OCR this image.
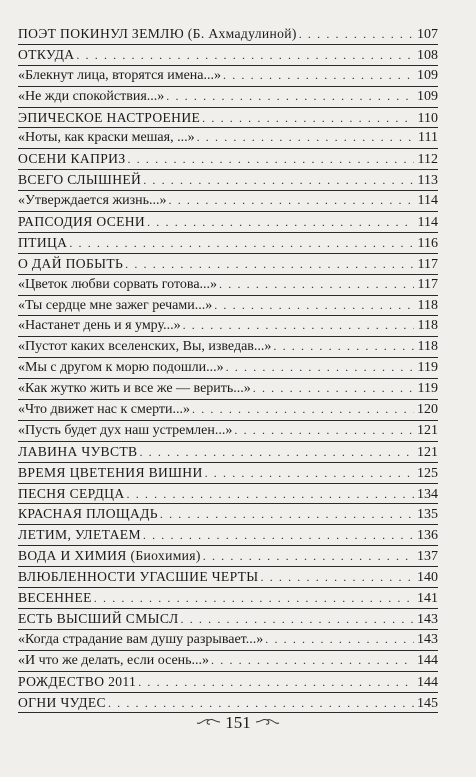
ПОЭТ ПОКИНУЛ ЗЕМЛЮ (Б. Ахмадулиной) . . .	107
ОТКУДА . . .	108
«Блекнут лица, вторятся имена...» . . .	109
«Не жди спокойствия...» . . .	109
ЭПИЧЕСКОЕ НАСТРОЕНИЕ . . .	110
«Ноты, как краски мешая, ...» . . .	111
ОСЕНИ КАПРИЗ . . .	112
ВСЕГО СЛЫШНЕЙ . . .	113
«Утверждается жизнь...» . . .	114
РАПСОДИЯ ОСЕНИ . . .	114
ПТИЦА . . .	116
О ДАЙ ПОБЫТЬ . . .	117
«Цветок любви сорвать готова...» . . .	117
«Ты сердце мне зажег речами...» . . .	118
«Настанет день и я умру...» . . .	118
«Пустот каких вселенских, Вы, изведав...» . . .	118
«Мы с другом к морю подошли...» . . .	119
«Как жутко жить и все же — верить...» . . .	119
«Что движет нас к смерти...» . . .	120
«Пусть будет дух наш устремлен...» . . .	121
ЛАВИНА ЧУВСТВ . . .	121
ВРЕМЯ ЦВЕТЕНИЯ ВИШНИ . . .	125
ПЕСНЯ СЕРДЦА . . .	134
КРАСНАЯ ПЛОЩАДЬ . . .	135
ЛЕТИМ, УЛЕТАЕМ . . .	136
ВОДА И ХИМИЯ (Биохимия) . . .	137
ВЛЮБЛЕННОСТИ УГАСШИЕ ЧЕРТЫ . . .	140
ВЕСЕННЕЕ . . .	141
ЕСТЬ ВЫСШИЙ СМЫСЛ . . .	143
«Когда страдание вам душу разрывает...» . . .	143
«И что же делать, если осень...» . . .	144
РОЖДЕСТВО 2011 . . .	144
ОГНИ ЧУДЕС . . .	145
151
